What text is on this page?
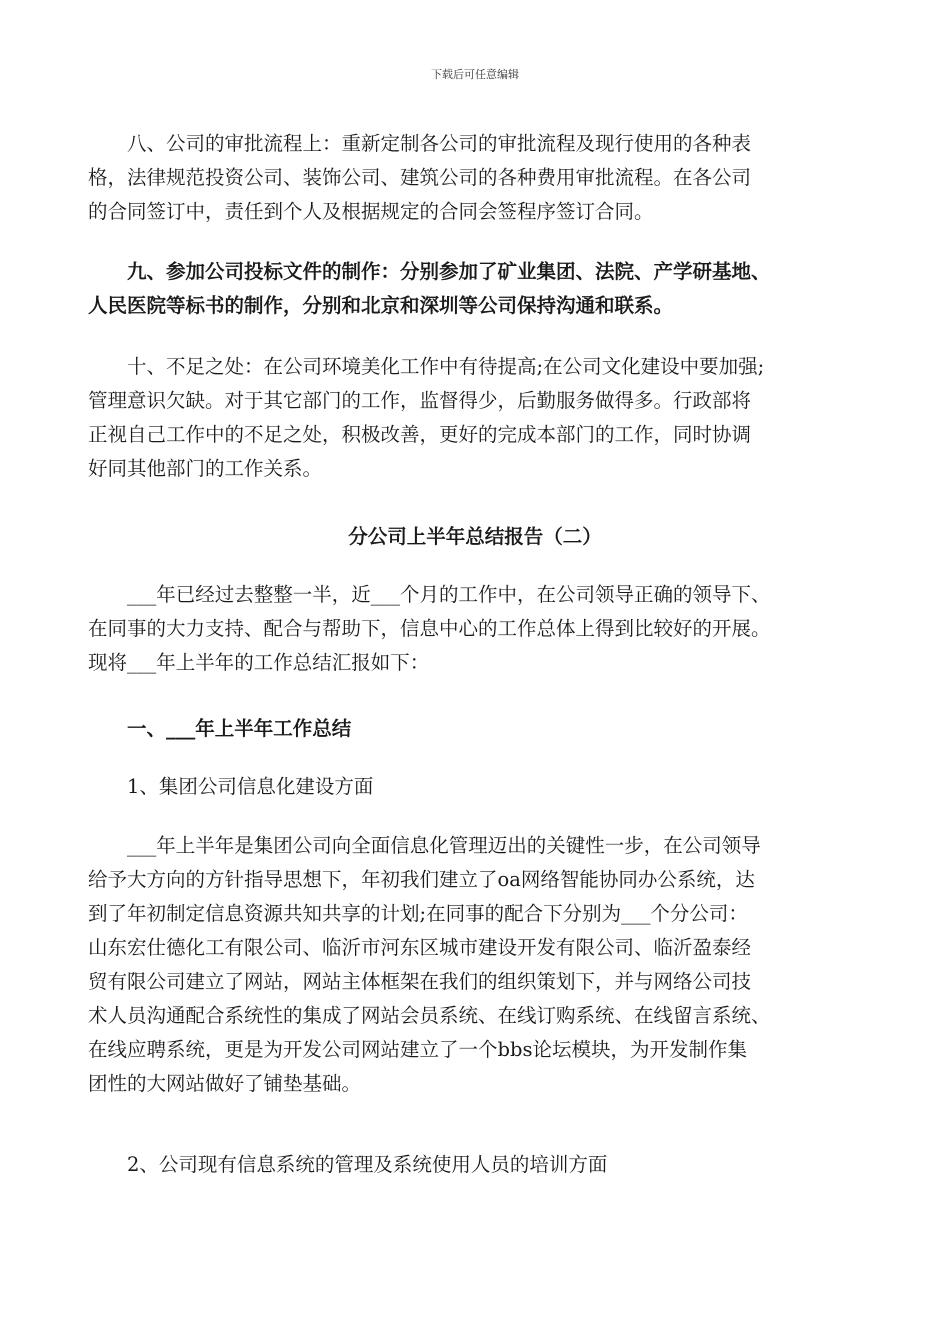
下载后可任意编辑
　　八、公司的审批流程上：重新定制各公司的审批流程及现行使用的各种表
格，法律规范投资公司、装饰公司、建筑公司的各种费用审批流程。在各公司
的合同签订中，责任到个人及根据规定的合同会签程序签订合同。
　　九、参加公司投标文件的制作：分别参加了矿业集团、法院、产学研基地、
人民医院等标书的制作，分别和北京和深圳等公司保持沟通和联系。
　　十、不足之处：在公司环境美化工作中有待提高;在公司文化建设中要加强;
管理意识欠缺。对于其它部门的工作，监督得少，后勤服务做得多。行政部将
正视自己工作中的不足之处，积极改善，更好的完成本部门的工作，同时协调
好同其他部门的工作关系。
分公司上半年总结报告（二）
　　___年已经过去整整一半，近___个月的工作中，在公司领导正确的领导下、
在同事的大力支持、配合与帮助下，信息中心的工作总体上得到比较好的开展。
现将___年上半年的工作总结汇报如下：
　　一、___年上半年工作总结
　　1、集团公司信息化建设方面
　　___年上半年是集团公司向全面信息化管理迈出的关键性一步，在公司领导
给予大方向的方针指导思想下，年初我们建立了oa网络智能协同办公系统，达
到了年初制定信息资源共知共享的计划;在同事的配合下分别为___个分公司：
山东宏仕德化工有限公司、临沂市河东区城市建设开发有限公司、临沂盈泰经
贸有限公司建立了网站，网站主体框架在我们的组织策划下，并与网络公司技
术人员沟通配合系统性的集成了网站会员系统、在线订购系统、在线留言系统、
在线应聘系统，更是为开发公司网站建立了一个bbs论坛模块，为开发制作集
团性的大网站做好了铺垫基础。
　　2、公司现有信息系统的管理及系统使用人员的培训方面
